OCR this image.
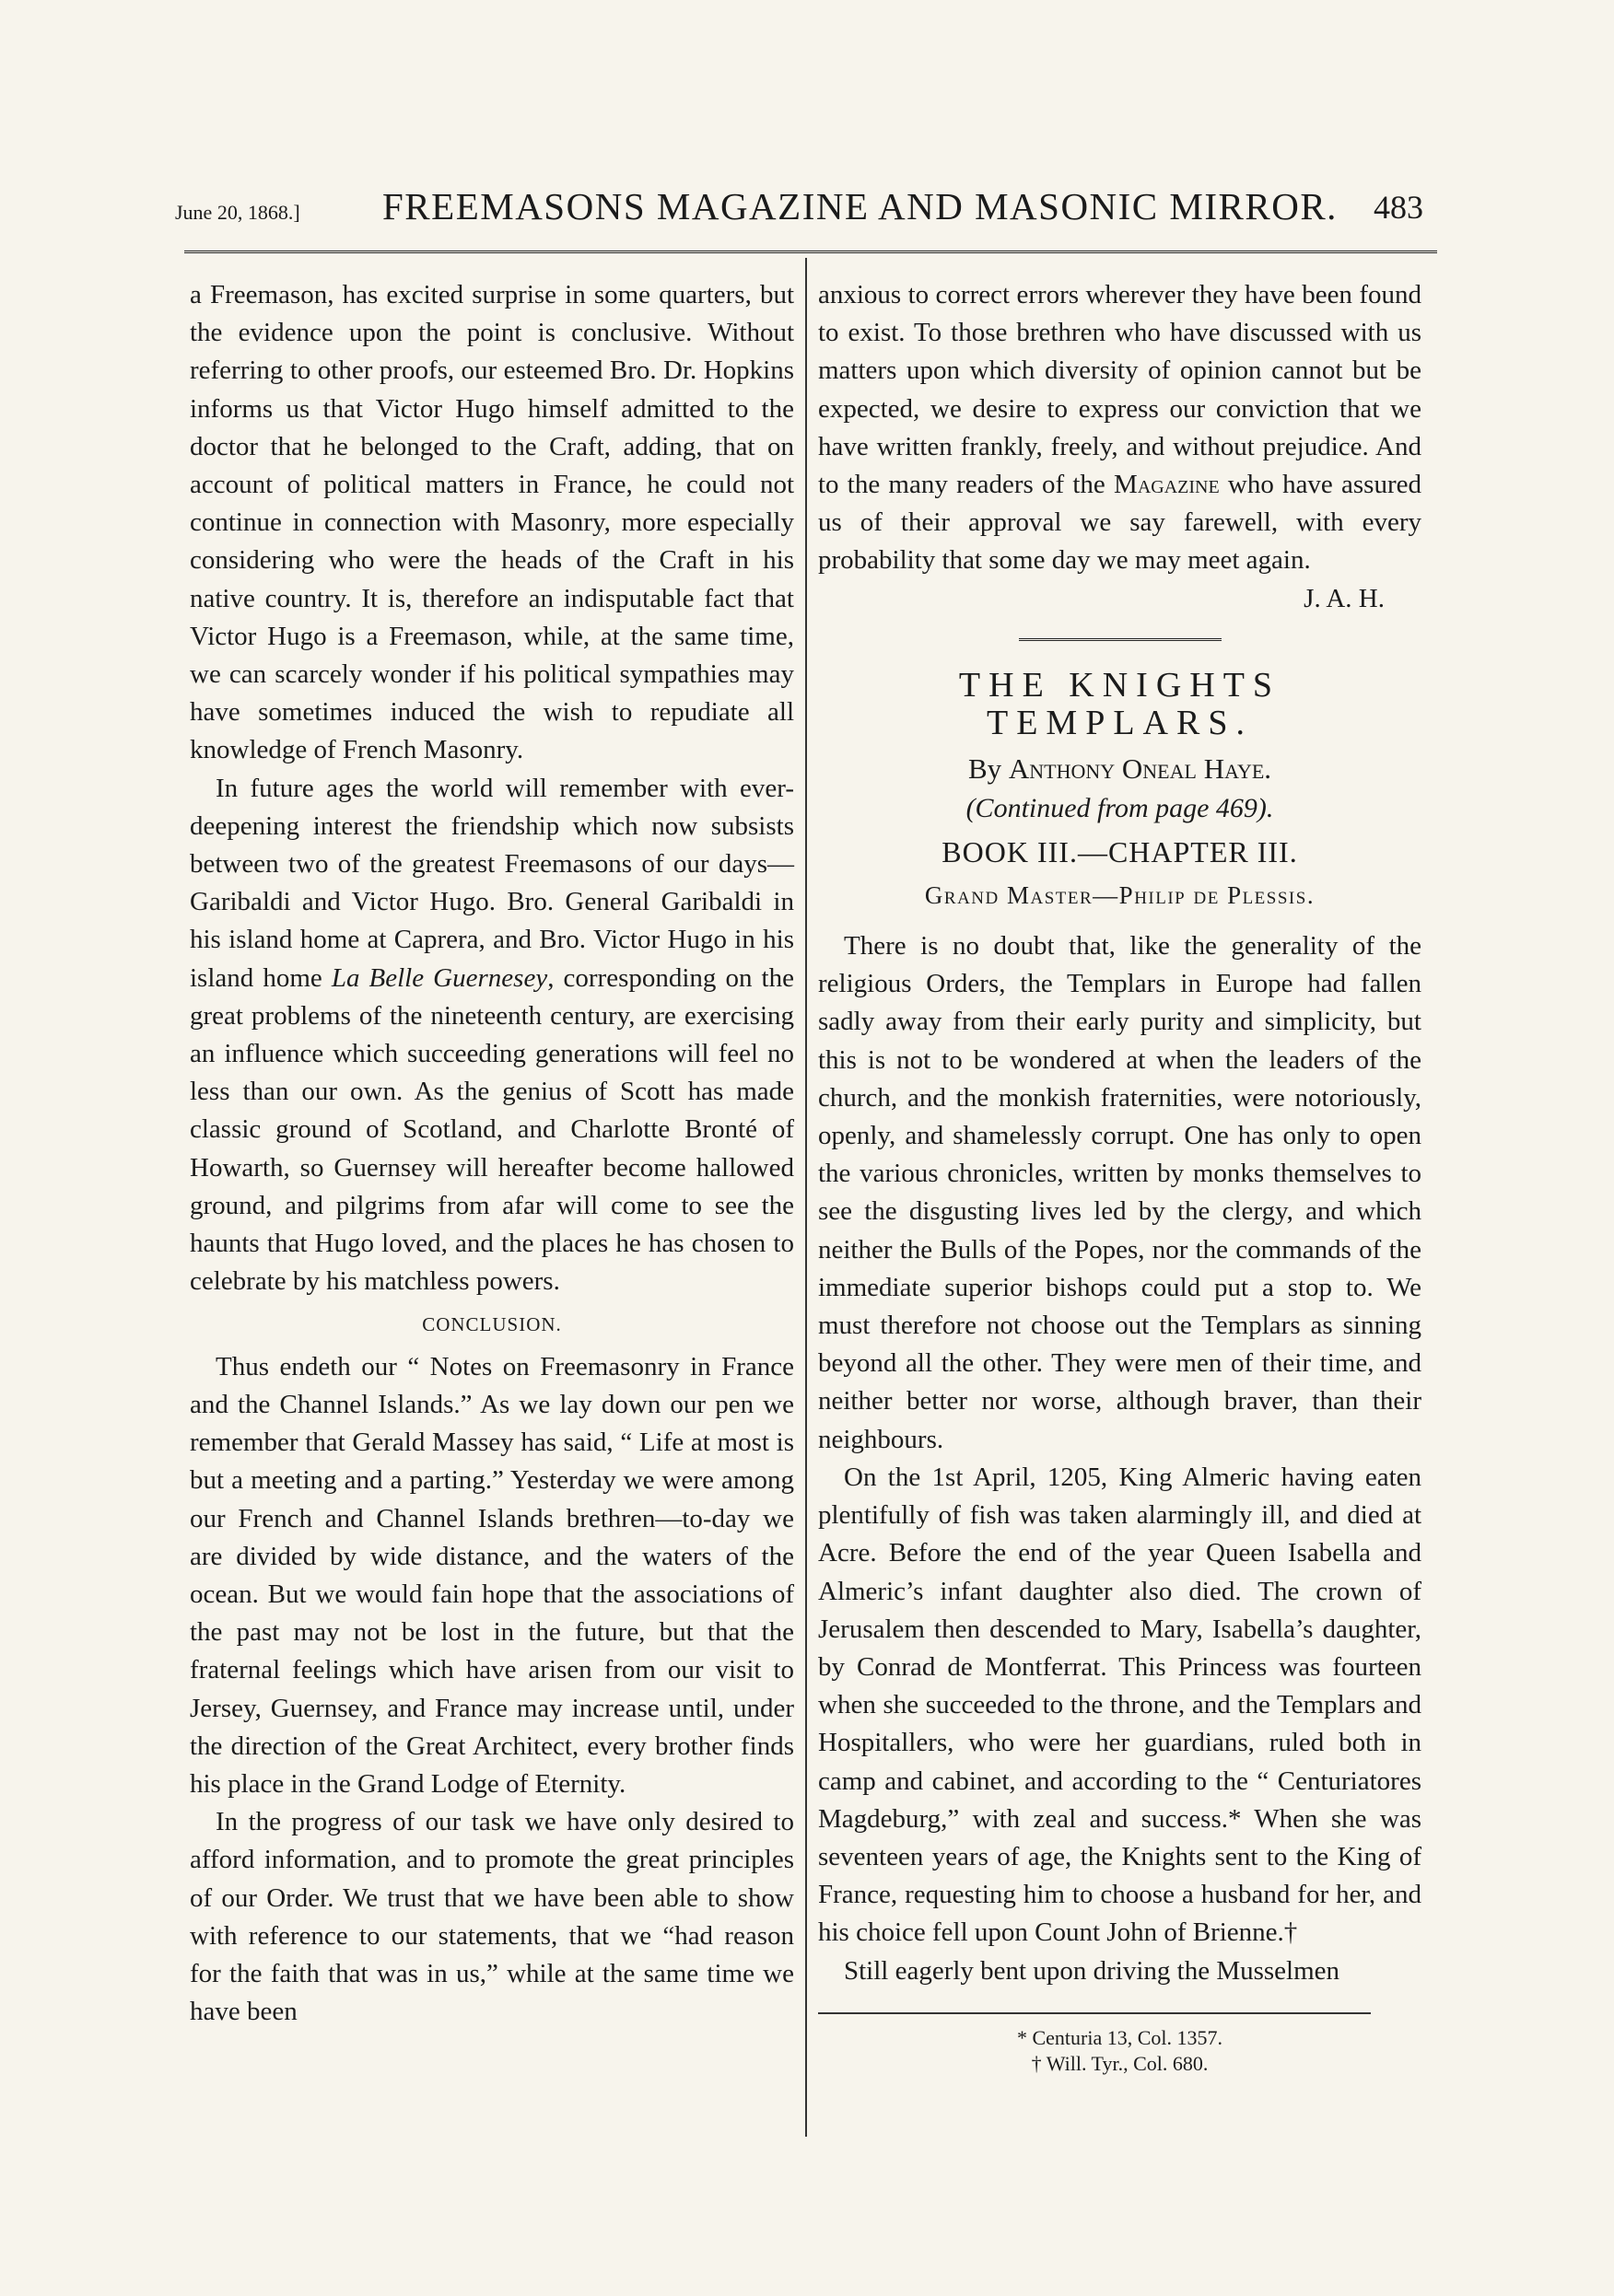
June 20, 1868.] FREEMASONS MAGAZINE AND MASONIC MIRROR. 483

a Freemason, has excited surprise in some quarters, but the evidence upon the point is conclusive. Without referring to other proofs, our esteemed Bro. Dr. Hopkins informs us that Victor Hugo himself admitted to the doctor that he belonged to the Craft, adding, that on account of political matters in France, he could not continue in connection with Masonry, more especially considering who were the heads of the Craft in his native country. It is, therefore an indisputable fact that Victor Hugo is a Freemason, while, at the same time, we can scarcely wonder if his political sympathies may have sometimes induced the wish to repudiate all knowledge of French Masonry.

In future ages the world will remember with ever-deepening interest the friendship which now subsists between two of the greatest Freemasons of our days—Garibaldi and Victor Hugo. Bro. General Garibaldi in his island home at Caprera, and Bro. Victor Hugo in his island home La Belle Guernesey, corresponding on the great problems of the nineteenth century, are exercising an influence which succeeding generations will feel no less than our own. As the genius of Scott has made classic ground of Scotland, and Charlotte Bronté of Howarth, so Guernsey will hereafter become hallowed ground, and pilgrims from afar will come to see the haunts that Hugo loved, and the places he has chosen to celebrate by his matchless powers.

CONCLUSION.

Thus endeth our “ Notes on Freemasonry in France and the Channel Islands.” As we lay down our pen we remember that Gerald Massey has said, “ Life at most is but a meeting and a parting.” Yesterday we were among our French and Channel Islands brethren—to-day we are divided by wide distance, and the waters of the ocean. But we would fain hope that the associations of the past may not be lost in the future, but that the fraternal feelings which have arisen from our visit to Jersey, Guernsey, and France may increase until, under the direction of the Great Architect, every brother finds his place in the Grand Lodge of Eternity.

In the progress of our task we have only desired to afford information, and to promote the great principles of our Order. We trust that we have been able to show with reference to our statements, that we “had reason for the faith that was in us,” while at the same time we have been

anxious to correct errors wherever they have been found to exist. To those brethren who have discussed with us matters upon which diversity of opinion cannot but be expected, we desire to express our conviction that we have written frankly, freely, and without prejudice. And to the many readers of the Magazine who have assured us of their approval we say farewell, with every probability that some day we may meet again.

J. A. H.
THE KNIGHTS TEMPLARS.
By Anthony Oneal Haye.
(Continued from page 469).
BOOK III.—CHAPTER III.
Grand Master—Philip de Plessis.

There is no doubt that, like the generality of the religious Orders, the Templars in Europe had fallen sadly away from their early purity and simplicity, but this is not to be wondered at when the leaders of the church, and the monkish fraternities, were notoriously, openly, and shamelessly corrupt. One has only to open the various chronicles, written by monks themselves to see the disgusting lives led by the clergy, and which neither the Bulls of the Popes, nor the commands of the immediate superior bishops could put a stop to. We must therefore not choose out the Templars as sinning beyond all the other. They were men of their time, and neither better nor worse, although braver, than their neighbours.

On the 1st April, 1205, King Almeric having eaten plentifully of fish was taken alarmingly ill, and died at Acre. Before the end of the year Queen Isabella and Almeric’s infant daughter also died. The crown of Jerusalem then descended to Mary, Isabella’s daughter, by Conrad de Montferrat. This Princess was fourteen when she succeeded to the throne, and the Templars and Hospitallers, who were her guardians, ruled both in camp and cabinet, and according to the “ Centuriatores Magdeburg,” with zeal and success.* When she was seventeen years of age, the Knights sent to the King of France, requesting him to choose a husband for her, and his choice fell upon Count John of Brienne.†

Still eagerly bent upon driving the Musselmen

* Centuria 13, Col. 1357.
† Will. Tyr., Col. 680.
